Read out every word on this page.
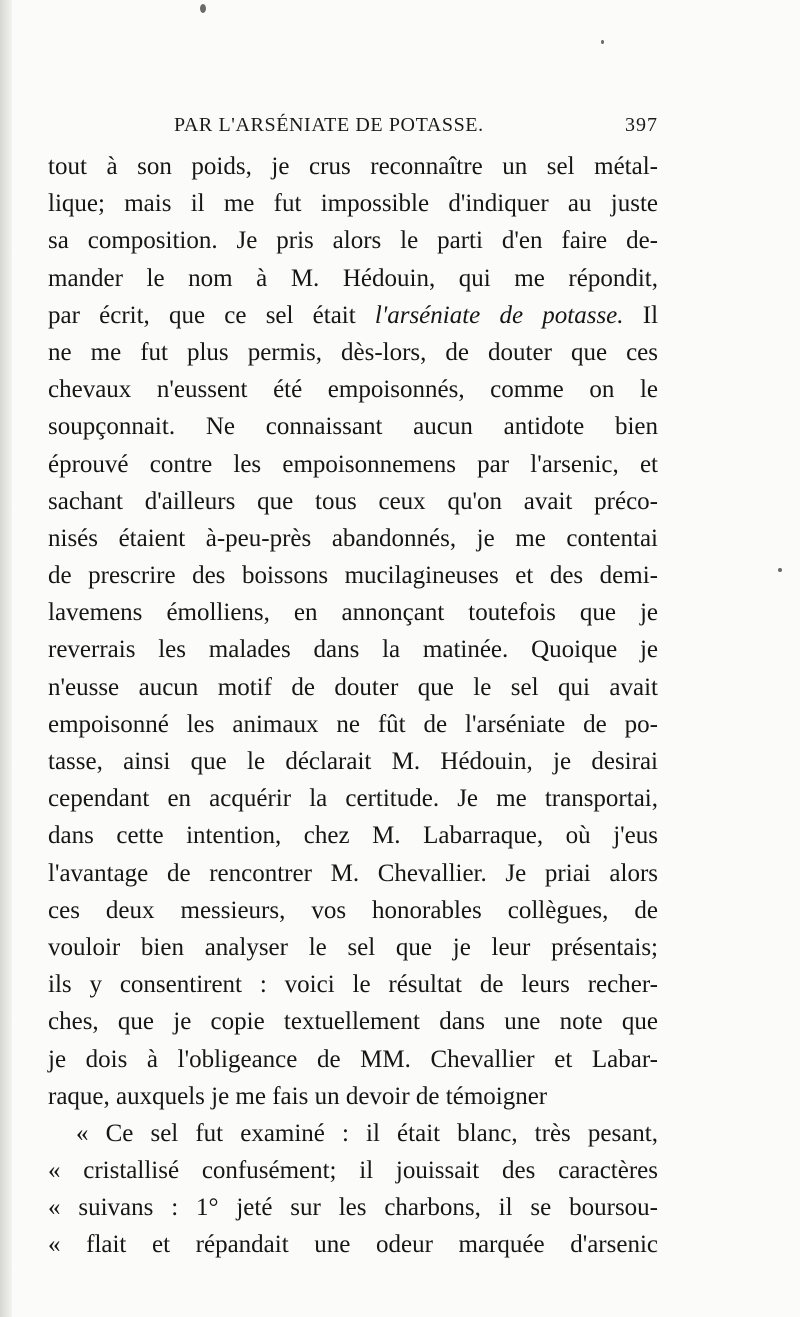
PAR L'ARSÉNIATE DE POTASSE.	397
tout à son poids, je crus reconnaître un sel métal-
lique; mais il me fut impossible d'indiquer au juste
sa composition. Je pris alors le parti d'en faire de-
mander le nom à M. Hédouin, qui me répondit,
par écrit, que ce sel était l'arséniate de potasse. Il
ne me fut plus permis, dès-lors, de douter que ces
chevaux n'eussent été empoisonnés, comme on le
soupçonnait. Ne connaissant aucun antidote bien
éprouvé contre les empoisonnemens par l'arsenic, et
sachant d'ailleurs que tous ceux qu'on avait préco-
nisés étaient à-peu-près abandonnés, je me contentai
de prescrire des boissons mucilagineuses et des demi-
lavemens émolliens, en annonçant toutefois que je
reverrais les malades dans la matinée. Quoique je
n'eusse aucun motif de douter que le sel qui avait
empoisonné les animaux ne fût de l'arséniate de po-
tasse, ainsi que le déclarait M. Hédouin, je desirai
cependant en acquérir la certitude. Je me transportai,
dans cette intention, chez M. Labarraque, où j'eus
l'avantage de rencontrer M. Chevallier. Je priai alors
ces deux messieurs, vos honorables collègues, de
vouloir bien analyser le sel que je leur présentais;
ils y consentirent : voici le résultat de leurs recher-
ches, que je copie textuellement dans une note que
je dois à l'obligeance de MM. Chevallier et Labar-
raque, auxquels je me fais un devoir de témoigner
« Ce sel fut examiné : il était blanc, très pesant,
« cristallisé confusément; il jouissait des caractères
« suivans : 1° jeté sur les charbons, il se boursou-
« flait et répandait une odeur marquée d'arsenic
